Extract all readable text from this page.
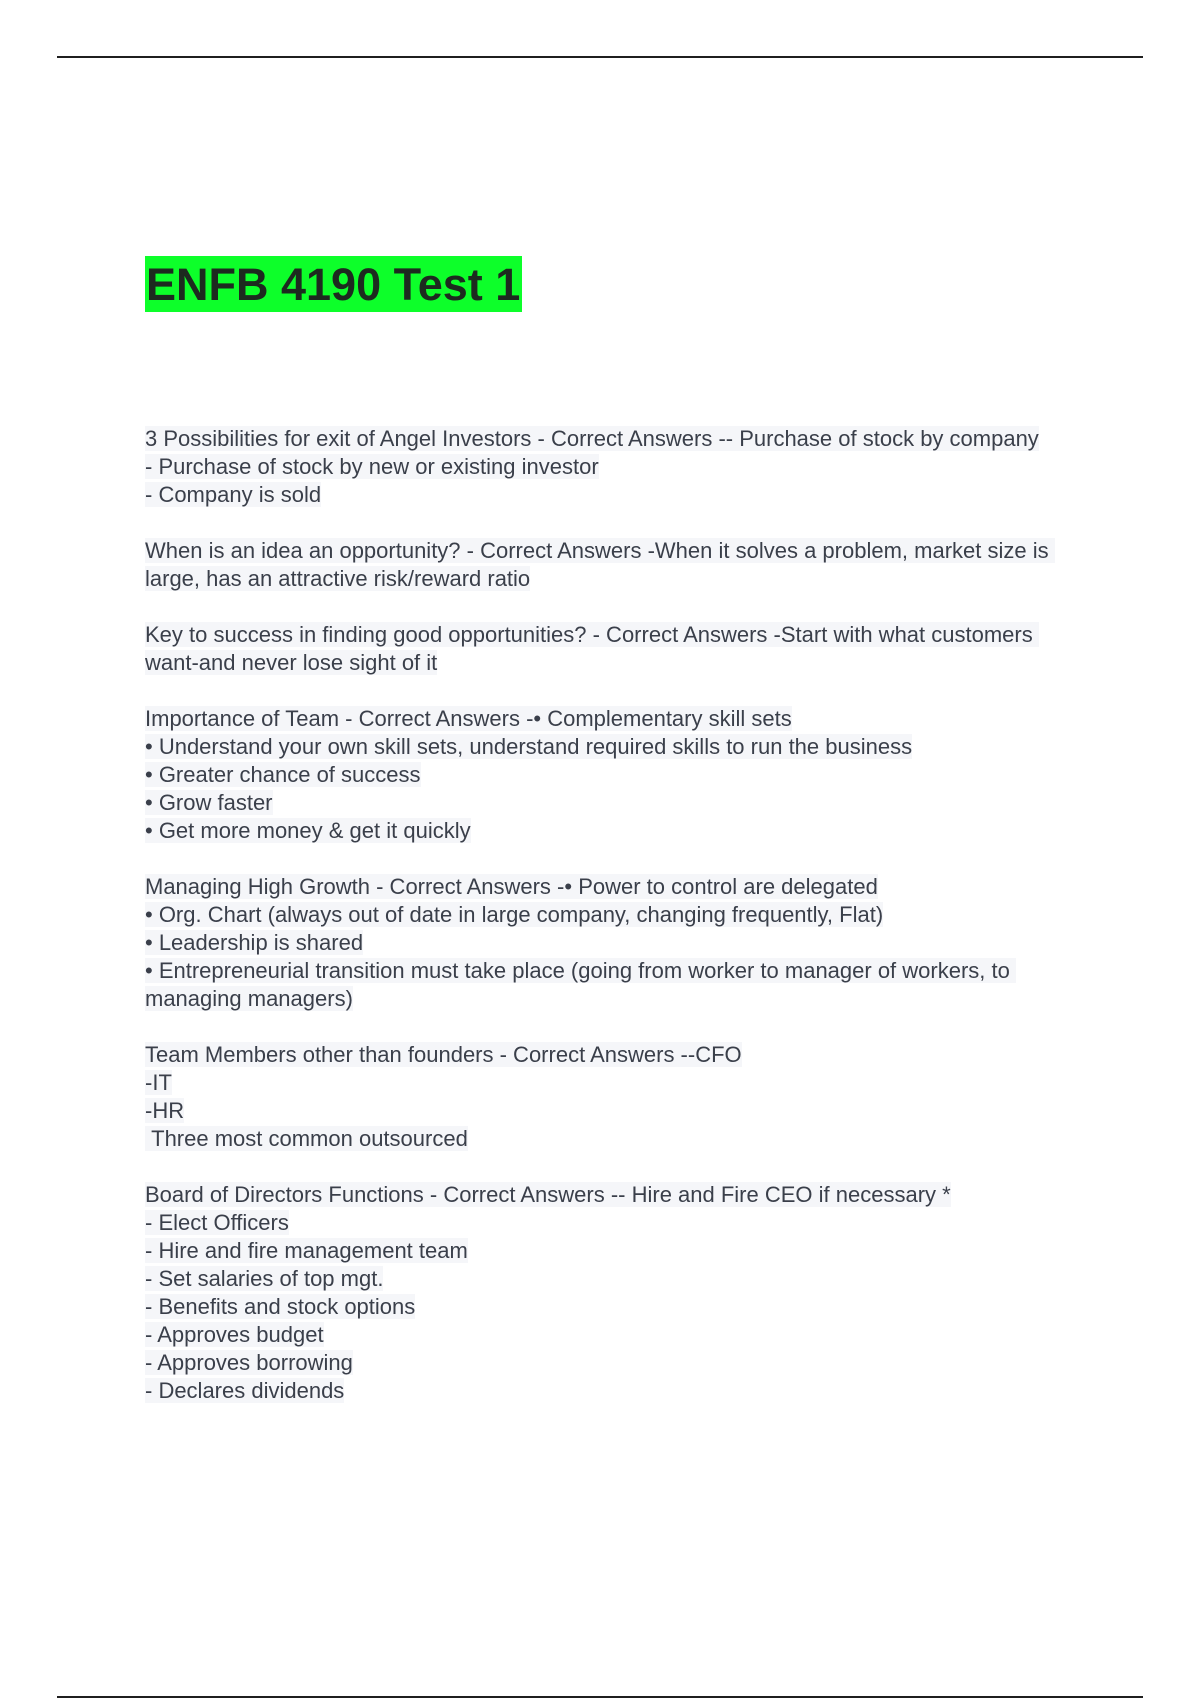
ENFB 4190 Test 1
3 Possibilities for exit of Angel Investors - Correct Answers -- Purchase of stock by company
- Purchase of stock by new or existing investor
- Company is sold
When is an idea an opportunity? - Correct Answers -When it solves a problem, market size is large, has an attractive risk/reward ratio
Key to success in finding good opportunities? - Correct Answers -Start with what customers want-and never lose sight of it
Importance of Team - Correct Answers -• Complementary skill sets
• Understand your own skill sets, understand required skills to run the business
• Greater chance of success
• Grow faster
• Get more money & get it quickly
Managing High Growth - Correct Answers -• Power to control are delegated
• Org. Chart (always out of date in large company, changing frequently, Flat)
• Leadership is shared
• Entrepreneurial transition must take place (going from worker to manager of workers, to managing managers)
Team Members other than founders - Correct Answers --CFO
-IT
-HR
Three most common outsourced
Board of Directors Functions - Correct Answers -- Hire and Fire CEO if necessary *
- Elect Officers
- Hire and fire management team
- Set salaries of top mgt.
- Benefits and stock options
- Approves budget
- Approves borrowing
- Declares dividends
